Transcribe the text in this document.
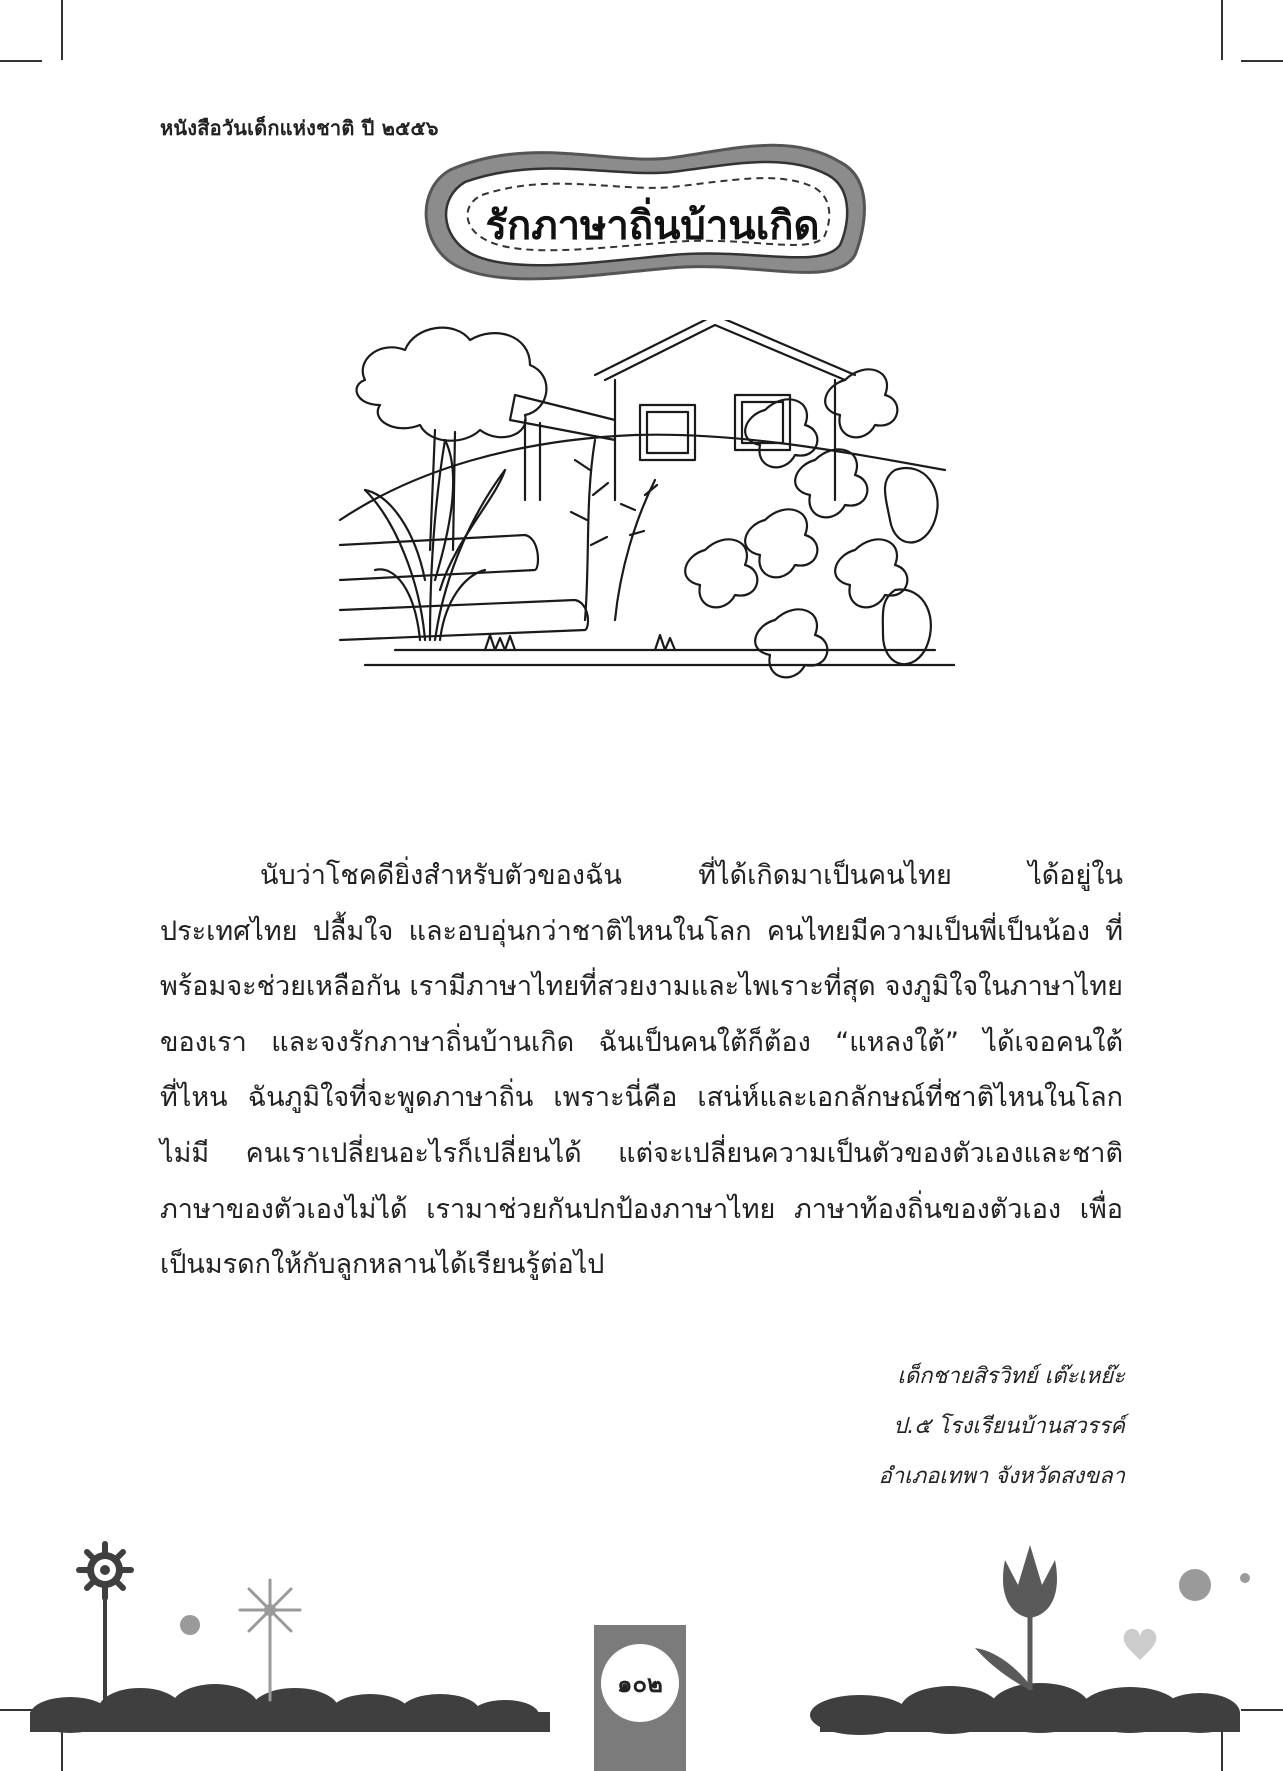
หนังสือวันเด็กแห่งชาติ ปี ๒๕๕๖
รักภาษาถิ่นบ้านเกิด

นับว่าโชคดียิ่งสำหรับตัวของฉัน ที่ได้เกิดมาเป็นคนไทย ได้อยู่ในประเทศไทย ปลื้มใจ และอบอุ่นกว่าชาติไหนในโลก คนไทยมีความเป็นพี่เป็นน้อง ที่พร้อมจะช่วยเหลือกัน เรามีภาษาไทยที่สวยงามและไพเราะที่สุด จงภูมิใจในภาษาไทยของเรา และจงรักภาษาถิ่นบ้านเกิด ฉันเป็นคนใต้ก็ต้อง “แหลงใต้” ได้เจอคนใต้ที่ไหน ฉันภูมิใจที่จะพูดภาษาถิ่น เพราะนี่คือ เสน่ห์และเอกลักษณ์ที่ชาติไหนในโลกไม่มี คนเราเปลี่ยนอะไรก็เปลี่ยนได้ แต่จะเปลี่ยนความเป็นตัวของตัวเองและชาติภาษาของตัวเองไม่ได้ เรามาช่วยกันปกป้องภาษาไทย ภาษาท้องถิ่นของตัวเอง เพื่อเป็นมรดกให้กับลูกหลานได้เรียนรู้ต่อไป

เด็กชายสิรวิทย์ เต๊ะเหย๊ะ
ป.๕ โรงเรียนบ้านสวรรค์
อำเภอเทพา จังหวัดสงขลา
๑๐๒
